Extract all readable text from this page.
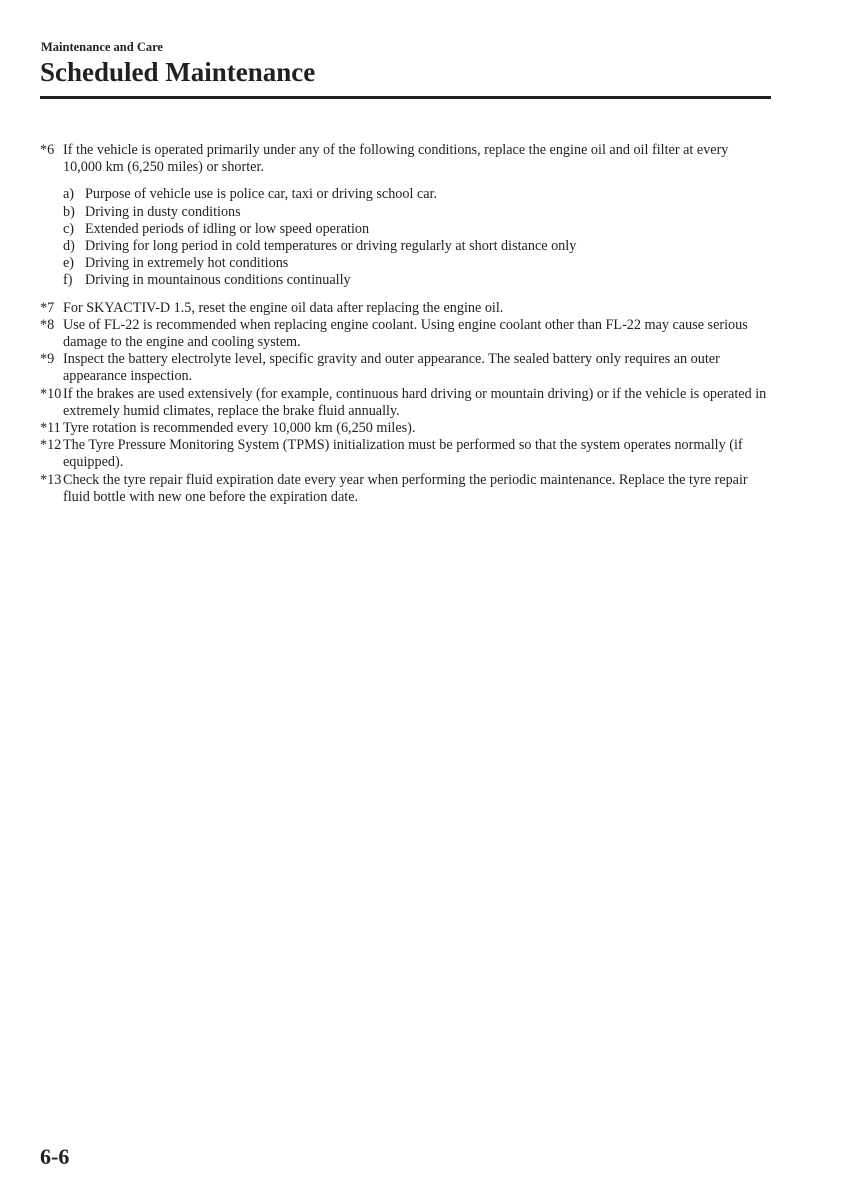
Maintenance and Care
Scheduled Maintenance
*6 If the vehicle is operated primarily under any of the following conditions, replace the engine oil and oil filter at every 10,000 km (6,250 miles) or shorter.
a) Purpose of vehicle use is police car, taxi or driving school car.
b) Driving in dusty conditions
c) Extended periods of idling or low speed operation
d) Driving for long period in cold temperatures or driving regularly at short distance only
e) Driving in extremely hot conditions
f) Driving in mountainous conditions continually
*7 For SKYACTIV-D 1.5, reset the engine oil data after replacing the engine oil.
*8 Use of FL-22 is recommended when replacing engine coolant. Using engine coolant other than FL-22 may cause serious damage to the engine and cooling system.
*9 Inspect the battery electrolyte level, specific gravity and outer appearance. The sealed battery only requires an outer appearance inspection.
*10 If the brakes are used extensively (for example, continuous hard driving or mountain driving) or if the vehicle is operated in extremely humid climates, replace the brake fluid annually.
*11 Tyre rotation is recommended every 10,000 km (6,250 miles).
*12 The Tyre Pressure Monitoring System (TPMS) initialization must be performed so that the system operates normally (if equipped).
*13 Check the tyre repair fluid expiration date every year when performing the periodic maintenance. Replace the tyre repair fluid bottle with new one before the expiration date.
6-6
